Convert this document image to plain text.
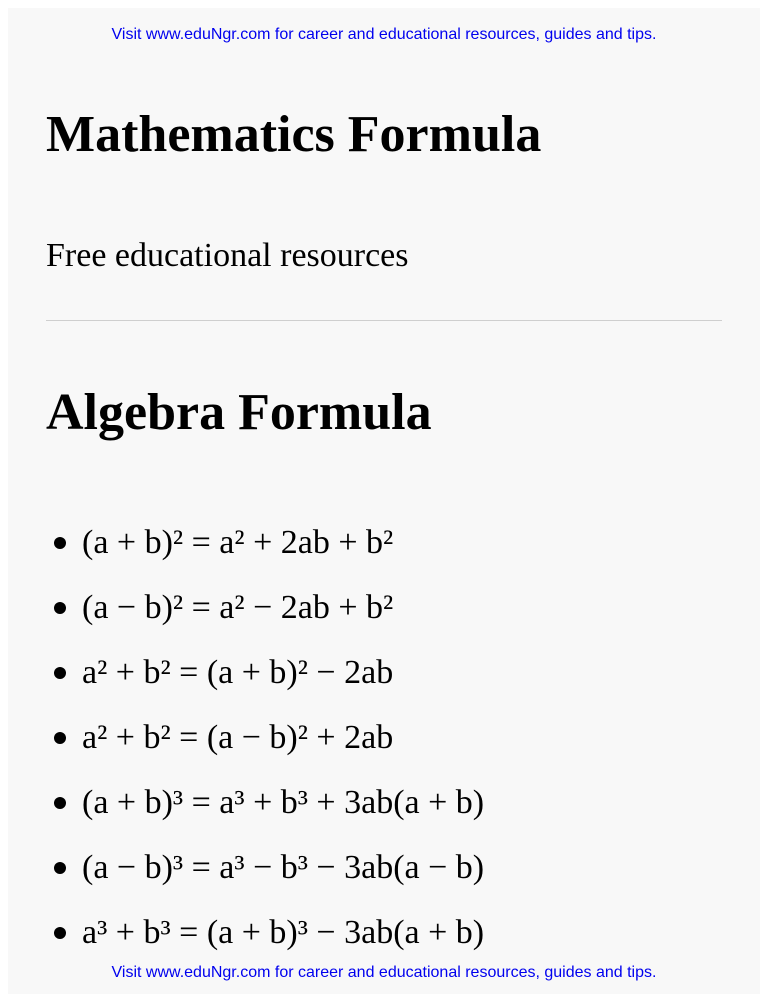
Visit www.eduNgr.com for career and educational resources, guides and tips.
Mathematics Formula

Free educational resources

Algebra Formula
(a + b)² = a² + 2ab + b²
(a − b)² = a² − 2ab + b²
a² + b² = (a + b)² − 2ab
a² + b² = (a − b)² + 2ab
(a + b)³ = a³ + b³ + 3ab(a + b)
(a − b)³ = a³ − b³ − 3ab(a − b)
a³ + b³ = (a + b)³ − 3ab(a + b)
Visit www.eduNgr.com for career and educational resources, guides and tips.
